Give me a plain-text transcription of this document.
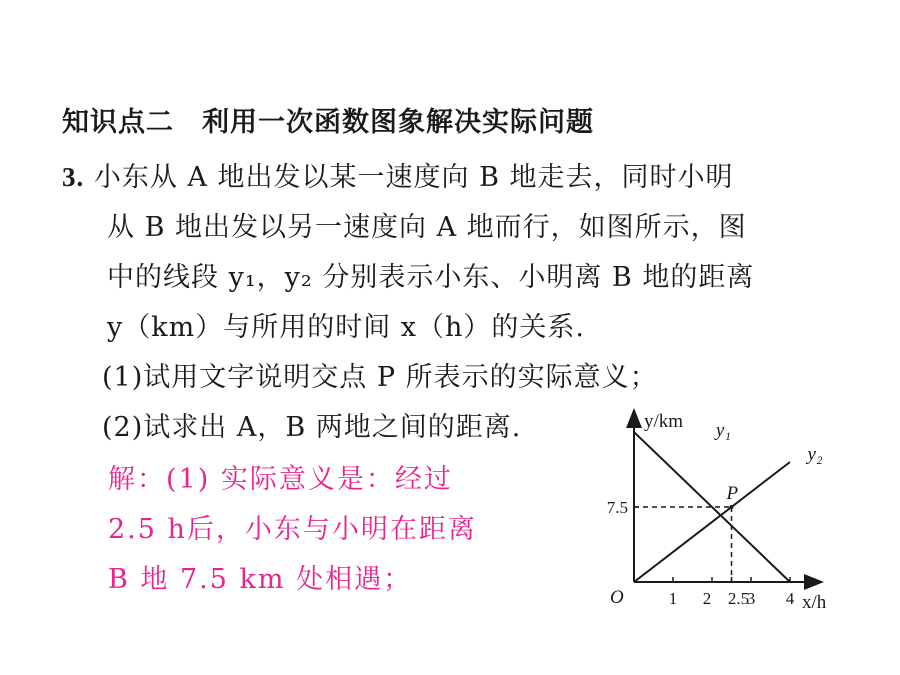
知识点二　利用一次函数图象解决实际问题
3. 小东从 A 地出发以某一速度向 B 地走去，同时小明
从 B 地出发以另一速度向 A 地而行，如图所示，图
中的线段 y₁，y₂ 分别表示小东、小明离 B 地的距离
y（km）与所用的时间 x（h）的关系.
(1)试用文字说明交点 P 所表示的实际意义；
(2)试求出 A，B 两地之间的距离.
解：(1) 实际意义是：经过
2.5 h后，小东与小明在距离
B 地 7.5 km 处相遇；
y/km
x/h
O	1 2 2.5
3 4
7.5
y₁
y₂
P
